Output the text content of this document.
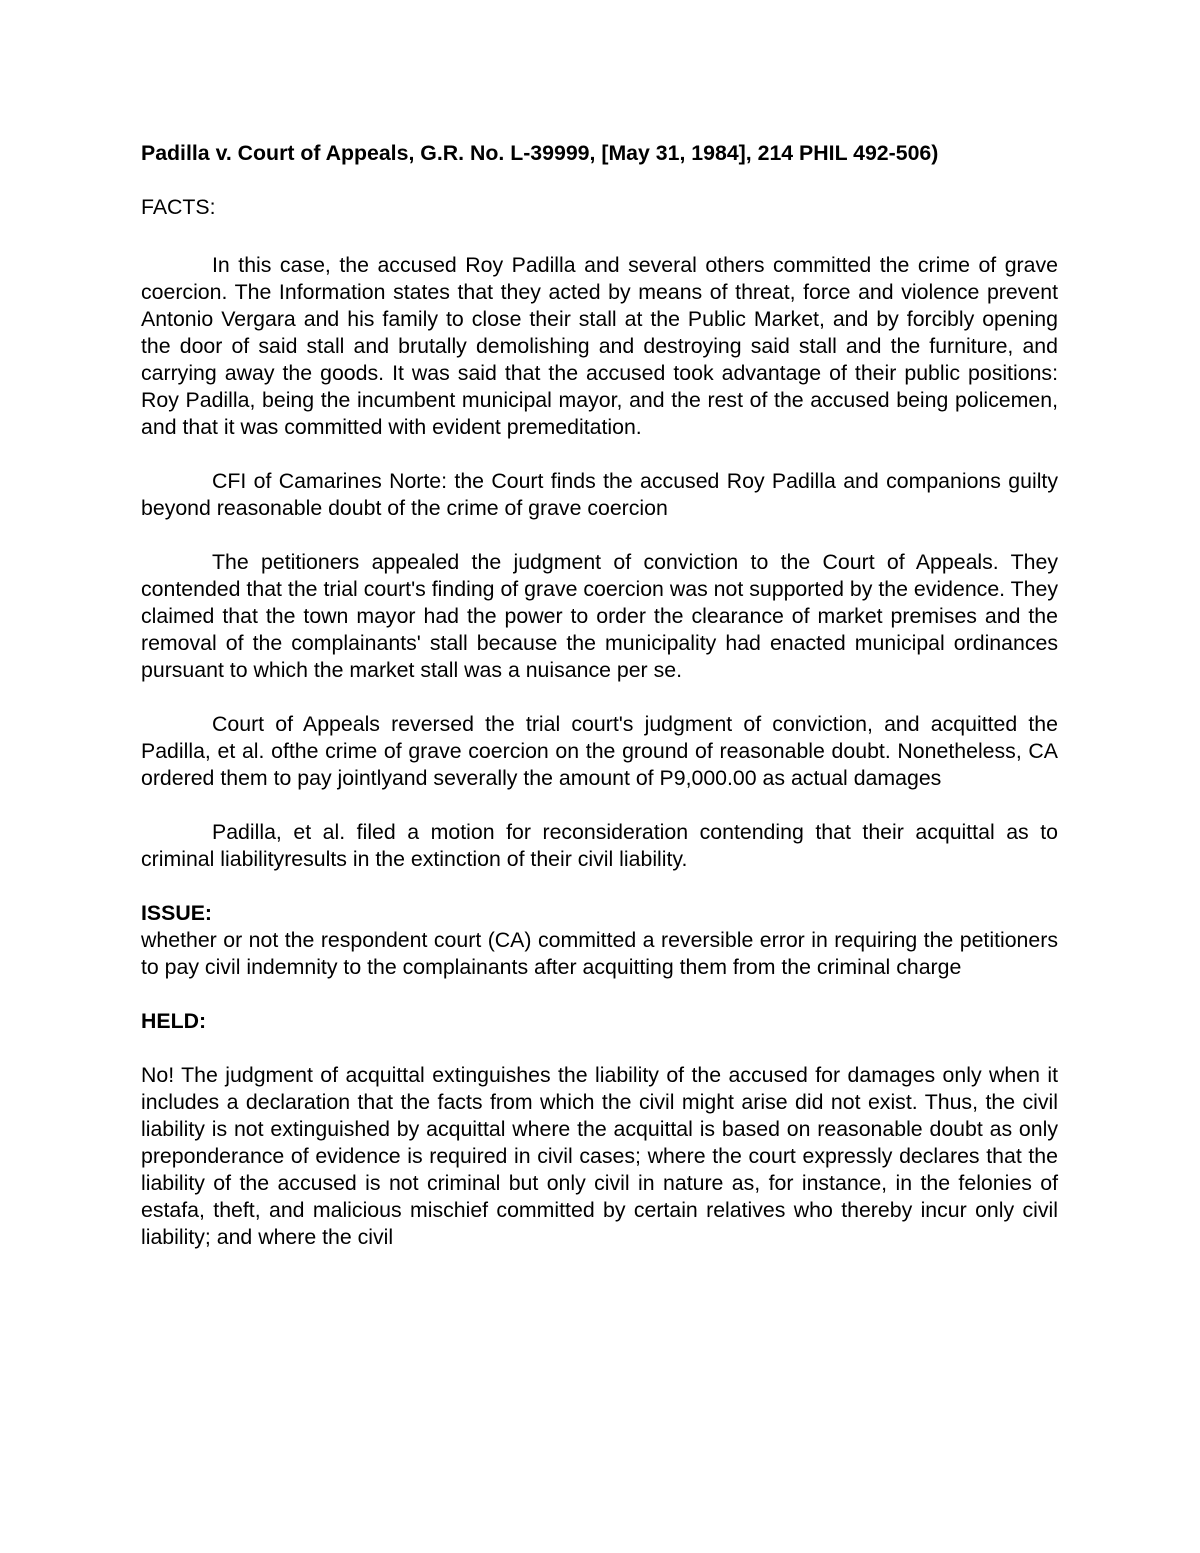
Padilla v. Court of Appeals, G.R. No. L-39999, [May 31, 1984], 214 PHIL 492-506)

FACTS:

In this case, the accused Roy Padilla and several others committed the crime of grave coercion. The Information states that they acted by means of threat, force and violence prevent Antonio Vergara and his family to close their stall at the Public Market, and by forcibly opening the door of said stall and brutally demolishing and destroying said stall and the furniture, and carrying away the goods. It was said that the accused took advantage of their public positions: Roy Padilla, being the incumbent municipal mayor, and the rest of the accused being policemen, and that it was committed with evident premeditation.

CFI of Camarines Norte: the Court finds the accused Roy Padilla and companions guilty beyond reasonable doubt of the crime of grave coercion

The petitioners appealed the judgment of conviction to the Court of Appeals. They contended that the trial court's finding of grave coercion was not supported by the evidence. They claimed that the town mayor had the power to order the clearance of market premises and the removal of the complainants' stall because the municipality had enacted municipal ordinances pursuant to which the market stall was a nuisance per se.

Court of Appeals reversed the trial court's judgment of conviction, and acquitted the Padilla, et al. ofthe crime of grave coercion on the ground of reasonable doubt. Nonetheless, CA ordered them to pay jointlyand severally the amount of P9,000.00 as actual damages

Padilla, et al. filed a motion for reconsideration contending that their acquittal as to criminal liabilityresults in the extinction of their civil liability.

ISSUE:

whether or not the respondent court (CA) committed a reversible error in requiring the petitioners to pay civil indemnity to the complainants after acquitting them from the criminal charge

HELD:

No! The judgment of acquittal extinguishes the liability of the accused for damages only when it includes a declaration that the facts from which the civil might arise did not exist. Thus, the civil liability is not extinguished by acquittal where the acquittal is based on reasonable doubt as only preponderance of evidence is required in civil cases; where the court expressly declares that the liability of the accused is not criminal but only civil in nature as, for instance, in the felonies of estafa, theft, and malicious mischief committed by certain relatives who thereby incur only civil liability; and where the civil
